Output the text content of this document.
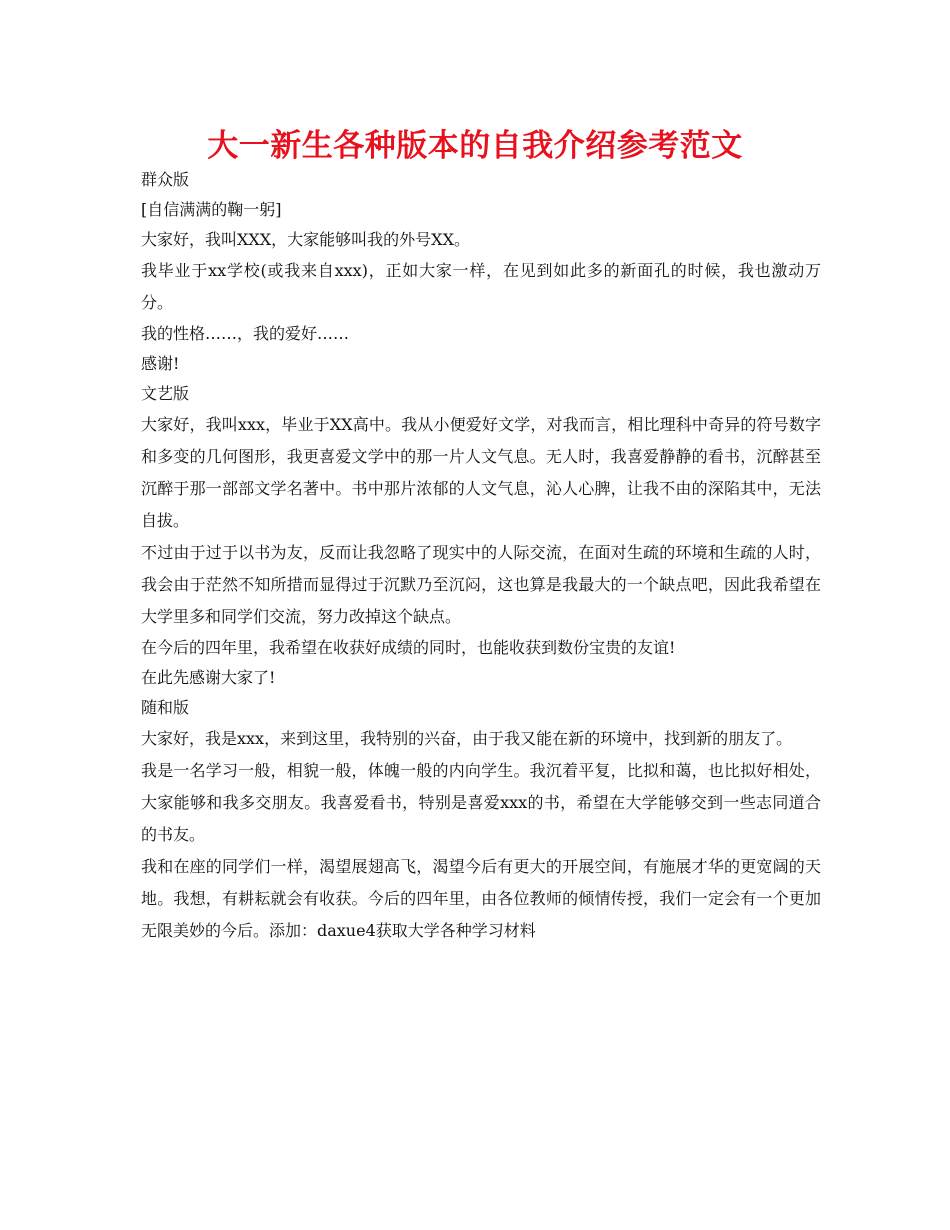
大一新生各种版本的自我介绍参考范文

群众版

[自信满满的鞠一躬]

大家好，我叫XXX，大家能够叫我的外号XX。

我毕业于xx学校(或我来自xxx)，正如大家一样，在见到如此多的新面孔的时候，我也激动万分。

我的性格……，我的爱好……

感谢!

文艺版

大家好，我叫xxx，毕业于XX高中。我从小便爱好文学，对我而言，相比理科中奇异的符号数字和多变的几何图形，我更喜爱文学中的那一片人文气息。无人时，我喜爱静静的看书，沉醉甚至沉醉于那一部部文学名著中。书中那片浓郁的人文气息，沁人心脾，让我不由的深陷其中，无法自拔。

不过由于过于以书为友，反而让我忽略了现实中的人际交流，在面对生疏的环境和生疏的人时，我会由于茫然不知所措而显得过于沉默乃至沉闷，这也算是我最大的一个缺点吧，因此我希望在大学里多和同学们交流，努力改掉这个缺点。

在今后的四年里，我希望在收获好成绩的同时，也能收获到数份宝贵的友谊!

在此先感谢大家了!

随和版

大家好，我是xxx，来到这里，我特别的兴奋，由于我又能在新的环境中，找到新的朋友了。

我是一名学习一般，相貌一般，体魄一般的内向学生。我沉着平复，比拟和蔼，也比拟好相处，大家能够和我多交朋友。我喜爱看书，特别是喜爱xxx的书，希望在大学能够交到一些志同道合的书友。

我和在座的同学们一样，渴望展翅高飞，渴望今后有更大的开展空间，有施展才华的更宽阔的天地。我想，有耕耘就会有收获。今后的四年里，由各位教师的倾情传授，我们一定会有一个更加无限美妙的今后。添加：daxue4获取大学各种学习材料
